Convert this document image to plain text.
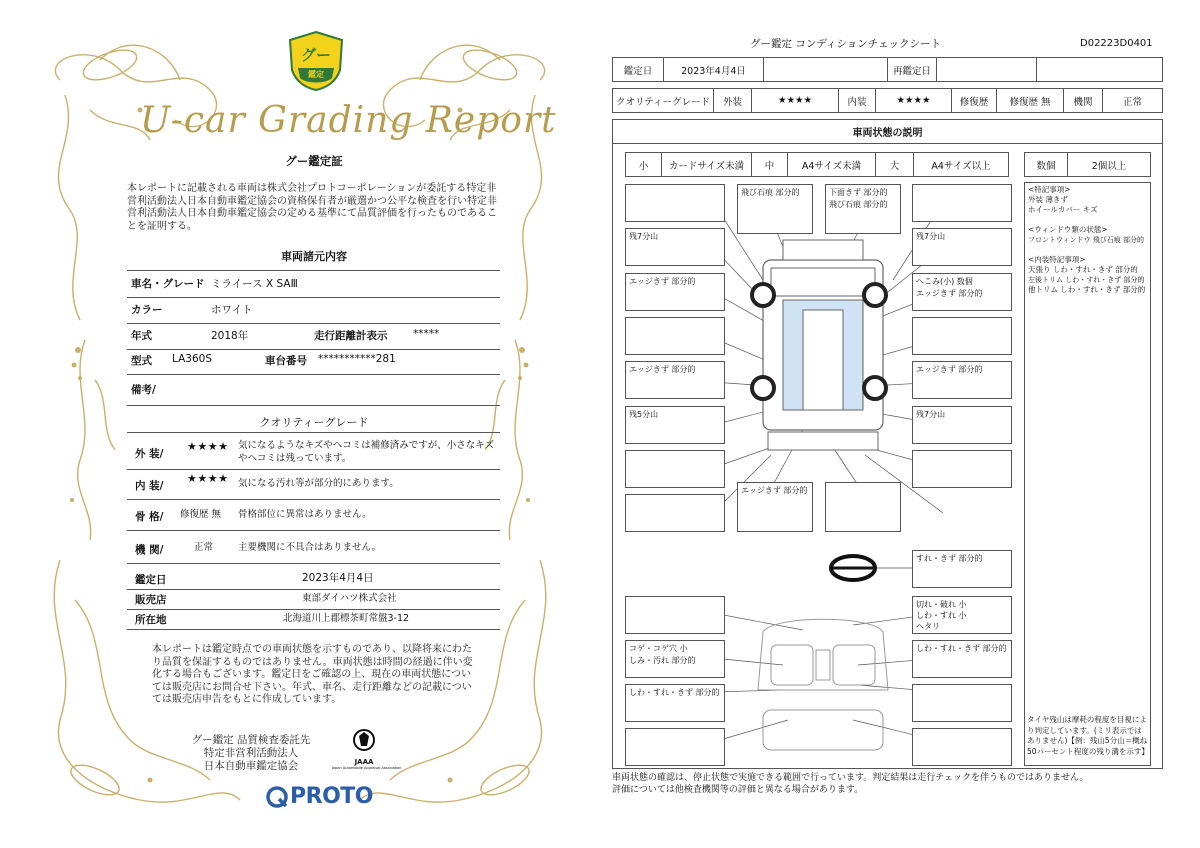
グー
鑑定
U-car Grading Report
グー鑑定証
本レポートに記載される車両は株式会社プロトコーポレーションが委託する特定非営利活動法人日本自動車鑑定協会の資格保有者が厳選かつ公平な検査を行い特定非営利活動法人日本自動車鑑定協会の定める基準にて品質評価を行ったものであることを証明する。
車両諸元内容
車名・グレード ミライース X SAⅢ
カラー	ホワイト
年式	2018年	走行距離計表示 *****
型式 LA360S	車台番号 ***********281
備考/
クオリティーグレード
外 装/
★★★★ 気になるようなキズやヘコミは補修済みですが、小さなキズやヘコミは残っています。
内 装/
★★★★ 気になる汚れ等が部分的にあります。
骨 格/ 修復歴 無 骨格部位に異常はありません。
機 関/	正常	主要機関に不具合はありません。
鑑定日	2023年4月4日
販売店	東部ダイハツ株式会社
所在地	北海道川上郡標茶町常盤3-12
本レポートは鑑定時点での車両状態を示すものであり、以降将来にわたり品質を保証するものではありません。車両状態は時間の経過に伴い変化する場合もございます。鑑定日をご確認の上、現在の車両状態については販売店にお問合せ下さい。年式、車名、走行距離などの記載については販売店申告をもとに作成しています。
グー鑑定 品質検査委託先
特定非営利活動法人
日本自動車鑑定協会	JAAA
Japan Automobile Appraisal Association
PROTO
グー鑑定 コンディションチェックシート	D02223D0401
鑑定日	2023年4月4日	再鑑定日
クオリティーグレード	外装	★★★★	内装	★★★★	修復歴	修復歴 無	機関	正常
車両状態の説明
小	カードサイズ未満	中	A4サイズ未満	大	A4サイズ以上	数個	2個以上
残7分山
エッジきず 部分的
エッジきず 部分的
残5分山
コゲ・コゲ穴 小
しみ・汚れ 部分的
しわ・すれ・きず 部分的
飛び石痕 部分的	下面きず 部分的
飛び石痕 部分的
エッジきず 部分的
残7分山
へこみ(小) 数個
エッジきず 部分的
エッジきず 部分的
残7分山
すれ・きず 部分的
切れ・破れ 小
しわ・すれ 小
ヘタリ
しわ・すれ・きず 部分的
<特記事項>
外装 薄きず
ホイールカバー キズ
<ウィンドウ類の状態>
フロントウィンドウ 飛び石痕 部分的
<内装特記事項>
天張り しわ・すれ・きず 部分的
左後トリム しわ・すれ・きず 部分的
他トリム しわ・すれ・きず 部分的
タイヤ残山は摩耗の程度を目視により判定しています。(ミリ表示ではありません)【例：残山5分山＝概ね50パーセント程度の残り溝を示す】
車両状態の確認は、停止状態で実施できる範囲で行っています。判定結果は走行チェックを伴うものではありません。
評価については他検査機関等の評価と異なる場合があります。
